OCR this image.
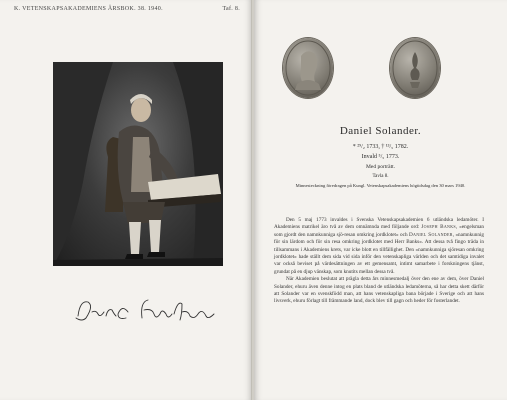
K. VETENSKAPSAKADEMIENS ÅRSBOK. 38. 1940.	Taf. 8.
Daniel Solander.
* ²⁹/₂ 1733, † ¹³/₅ 1782.
Invald ⁵/₅ 1773.
Med porträtt.
Tavla 8.
Minnesteckning föredragen på Kungl. Vetenskapsakademiens högtidsdag den 30 mars 1940.

Den 5 maj 1773 invaldes i Svenska Vetenskapsakademien 6 utländska ledamöter. I Akademiens matrikel äro två av dem omnämnda med följande ord: Joseph Banks, »engelsman som gjordt den namnkunniga sjö-resan omkring jordklotet» och Daniel Solander, »namnkunnig för sin lärdom och för sin resa omkring jordklotet med Herr Banks». Att dessa två fingo träda in tillsammans i Akademiens krets, var icke blott en tillfällighet. Den »namnkunniga sjöresan omkring jordklotet» hade ställt dem sida vid sida inför den vetenskapliga världen och det samtidiga invalet var också beviset på värdesättningen av ett gemensamt, intimt samarbete i forskningens tjänst, grundat på en djup vänskap, som knutits mellan dessa två.

När Akademien beslutat att prägla detta års minnesmedalj över den ene av dem, över Daniel Solander, ehuru även denne intog en plats bland de utländska ledamöterna, så har detta skett därför att Solander var en svenskfödd man, att hans vetenskapliga bana började i Sverige och att hans livsverk, ehuru förlagt till främmande land, dock blev till gagn och heder för fosterlandet.
